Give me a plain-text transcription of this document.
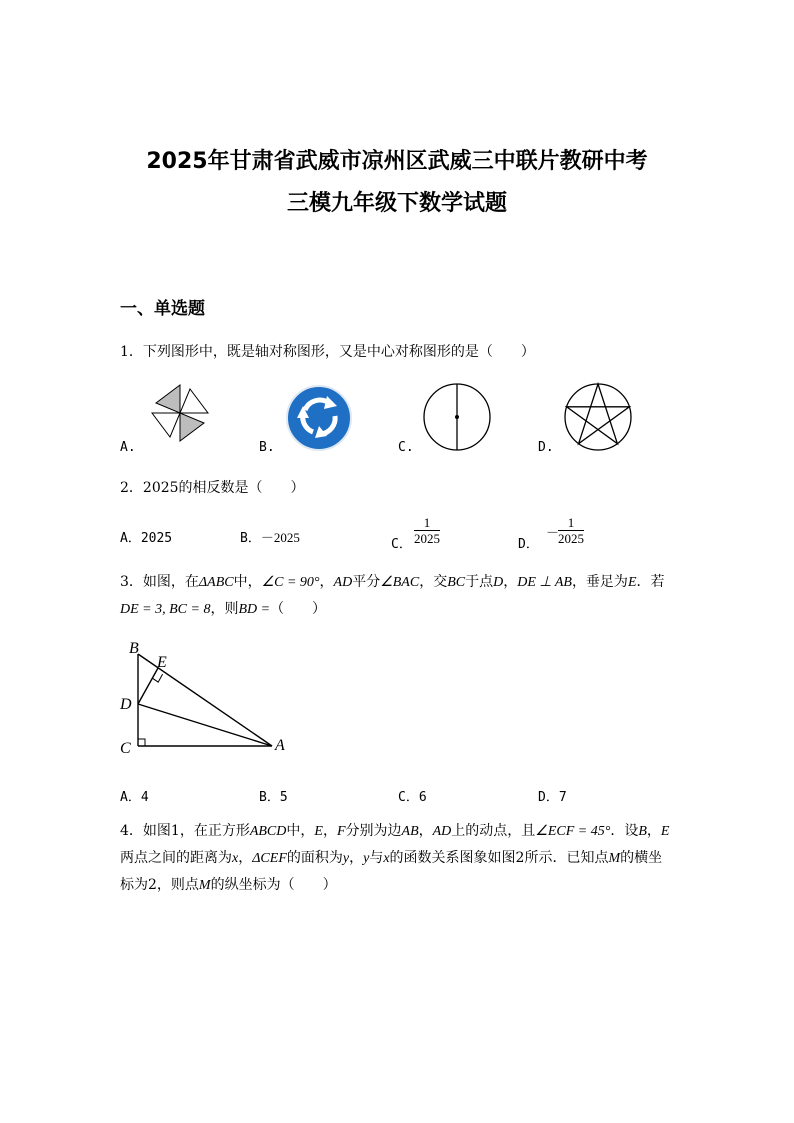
2025年甘肃省武威市凉州区武威三中联片教研中考
三模九年级下数学试题
一、单选题
1．下列图形中，既是轴对称图形，又是中心对称图形的是（　　）
A.	B.	C.	D.
2．2025的相反数是（　　）
A．2025	B．－2025	C． $\frac{1}{2025}$	D．
－
$\frac{1}{2025}$
3．如图，在ΔABC中，∠C = 90°，AD平分∠BAC，交BC于点D，DE ⊥ AB，垂足为E．若DE = 3, BC = 8，则BD =（　　）
B
E
D
C	A
A．4	B．5	C．6	D．7
4．如图1，在正方形ABCD中，E，F分别为边AB，AD上的动点，且∠ECF = 45°．设B，E两点之间的距离为x，ΔCEF的面积为y，y与x的函数关系图象如图2所示．已知点M的横坐标为2，则点M的纵坐标为（　　）
